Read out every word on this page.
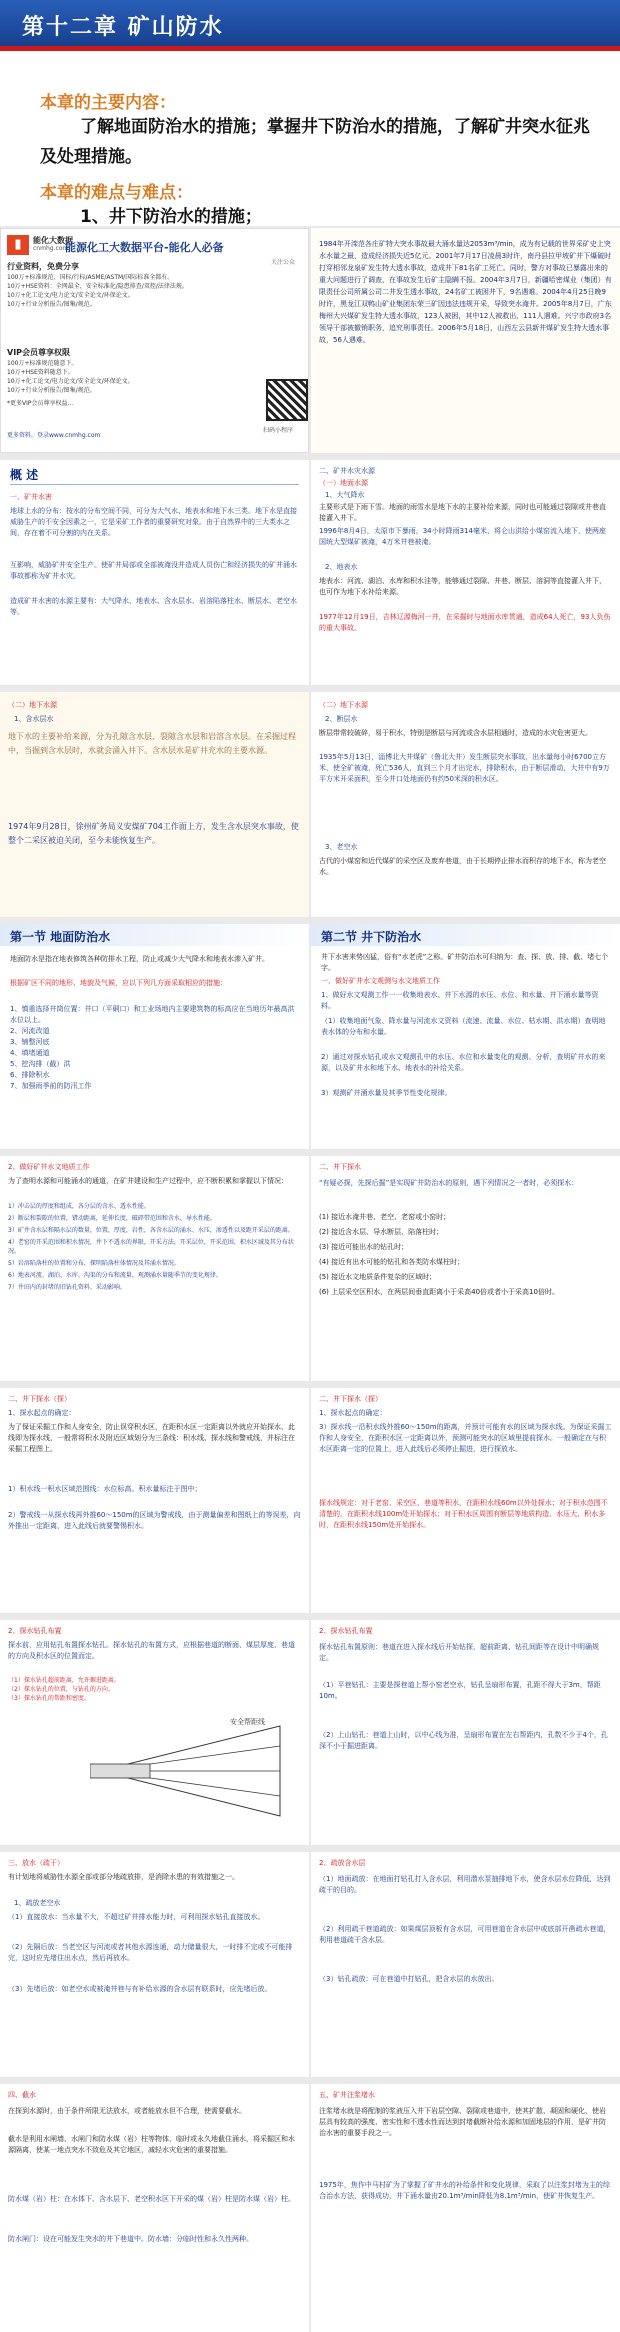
第十二章 矿山防水
本章的主要内容：
了解地面防治水的措施；掌握井下防治水的措施，了解矿井突水征兆及处理措施。
本章的难点与难点：
1、井下防治水的措施；
▮	能化大数据
cnmhg.com
能源化工大数据平台-能化人必备
关注公众
行业资料，免费分享
100万+标准规范、国标/行标/ASME/ASTM/国际标准全都有。
10万+HSE资料：全网最全，安全标准化/隐患排查/双控/法律法规。
10万+化工论文/电力论文/安全论文/环保论文。
10万+行业分析报告/图集/规范。
VIP会员尊享权限
100万+标准规范随意下。
10万+HSE资料随意下。
10万+化工论文/电力论文/安全论文/环保论文。
10万+行业分析报告/图集/规范。
*更多VIP会员尊享权益...
更多资料，登录www.cnmhg.com
扫码小程序
1984年开滦范各庄矿特大突水事故最大涌水量达2053m³/min，成为有记载的世界采矿史上突水水量之最，造成经济损失近5亿元。2001年7月17日凌晨3时许，南丹县拉甲坡矿井下爆破时打穿相邻龙泉矿发生特大透水事故，造成井下81名矿工死亡。同时，警方对事故已暴露出来的重大问题进行了调查，在事故发生后矿主隐瞒不报。2004年3月7日，新疆哈密煤业（集团）有限责任公司所属公司二井发生透水事故，24名矿工被困井下，9名遇难。2004年4月25日晚9时许，黑龙江双鸭山矿业集团东荣三矿因违法违规开采，导致突水淹井。2005年8月7日，广东梅州大兴煤矿发生特大透水事故，123人被困，其中12人被救出，111人遇难。兴宁市政府3名领导干部被撤销职务，追究刑事责任。2006年5月18日，山西左云县新井煤矿发生特大透水事故，56人遇难。
概 述
一、矿井水害
地球上水的分布：按水的分布空间不同，可分为大气水、地表水和地下水三类。地下水是直接威胁生产的不安全因素之一，它是采矿工作者的重要研究对象。由于自然界中的三大类水之间，存在着不可分割的内在关系。
互影响，威胁矿井安全生产。使矿井局部或全部被淹没并造成人员伤亡和经济损失的矿井涌水事故都称为矿井水灾。
造成矿井水害的水源主要有：大气降水、地表水、含水层水、岩溶陷落柱水、断层水、老空水等。
二、矿井水灾水源
（一）地面水源
1、大气降水
主要形式是下雨下雪。地面的雨雪水是地下水的主要补给来源，同时也可能通过裂隙或井巷直接灌入井下。
1996年8月4日，太原市下暴雨，34小时降雨314毫米，将仑山洪给小煤窑流入地下，使两座国统大型煤矿被淹，4万米井巷被淹。
2、地表水
地表水：河流、湖泊、水库和积水洼等，能够通过裂隙、井巷、断层、溶洞等直接灌入井下，也可作为地下水补给来源。
1977年12月19日，吉林辽源梅河一井，在采掘时与地面水库贯通，造成64人死亡，93人负伤的重大事故。
（二）地下水源
1、含水层水
地下水的主要补给来源，分为孔隙含水层、裂隙含水层和岩溶含水层。在采掘过程中，当掘到含水层时，水就会涌入井下。含水层水是矿井充水的主要水源。
1974年9月28日，徐州矿务局义安煤矿704工作面上方，发生含水层突水事故，使整个二采区被迫关闭，至今未能恢复生产。
（二）地下水源
2、断层水
断层带常较破碎，易于积水，特别是断层与河流或含水层相通时，造成的水灾危害更大。
1935年5月13日，淄博北大井煤矿（鲁北大井）发生断层突水事故，出水量每小时6700立方米，使全矿被淹，死亡536人，直到三个月才出完水，排除积水，由于断层滑动，大井中有9万平方米开采面积，至今井口处地面仍有约50米深的积水区。
3、老空水
古代的小煤窑和近代煤矿的采空区及废弃巷道，由于长期停止排水而积存的地下水，称为老空水。
第一节 地面防治水
地面防水是指在地表修筑各种防排水工程，防止或减少大气降水和地表水渗入矿井。
根据矿区不同的地形、地貌及气候，应以下列几方面采取相应的措施：
1、慎重选择井筒位置：井口（平硐口）和工业场地内主要建筑物的标高应在当地历年最高洪水位以上。
2、河流改道
3、铺整河底
4、填堵通道
5、挖沟排（截）洪
6、排除积水
7、加强雨季前的防汛工作
第二节 井下防治水
井下水害来势凶猛，俗有“水老虎”之称。矿井防治水可归纳为：查、探、放、排、截、堵七个字。
一、做好矿井水文观测与水文地质工作
1、做好水文观测工作一一收集地表水、井下水源的水压、水位、和水量、井下涌水量等资料。
（1）收集地面气象、降水量与河流水文资料（流速、流量、水位、枯水期、洪水期）查明地表水体的分布和水量。
2）通过对探水钻孔或水文观测孔中的水压、水位和水量变化的观测、分析，查明矿井水的来源，以及矿井水和地下水、地表水的补给关系。
3）观测矿井涌水量及其季节性变化规律。
2、做好矿井水文地质工作
为了查明水源和可能涌水的通道，在矿井建设和生产过程中，应不断积累和掌握以下情况：
1）冲击层的厚度和组成，各分层的含水、透水性能。
2）断层和裂隙的位置，错动距离，延伸长度，破碎带范围和含水、导水性能。
3）矿井含水层和隔水层的数量，位置，厚度，岩性，各含水层的涌水、水压，渗透性以及距开采层的距离。
4）老窑的开采范围和积水情况，井下不透水的界限，开采方法，开采层位，开采范围，积水区域及其分布状况。
5）岩溶陷落柱的位置和分布，探明陷落柱体情况及其涌水情况。
6）地表河流、湖泊、水库、沟渠的分布和流量，观测涌水量随季节的变化规律。
7）井田内的封堵的旧钻孔资料、采动影响。
二、井下探水
“有疑必探，先探后掘”是实现矿井防治水的原则，遇下列情况之一者时，必须探水：
(1) 接近水淹井巷、老空、老窑或小窑时；
(2) 接近含水层、导水断层、陷落柱时；
(3) 接近可能出水的钻孔时；
(4) 接近有出水可能的钻孔和各类防水煤柱时；
(5) 接近水文地质条件复杂的区域时；
(6) 上层采空区积水，在两层间垂直距离小于采高40倍或者小于采高10倍时。
二、井下探水（探）
1、探水起点的确定：
为了保证采掘工作和人身安全，防止误穿积水区，在距积水区一定距离以外就应开始探水，此线即为探水线，一般常将积水及附近区域划分为三条线：积水线、探水线和警戒线，并标注在采掘工程图上。
1）积水线一积水区域范围线：水位标高。积水量标注于图中；
2）警戒线一从探水线再外推60～150m的区域为警戒线，由于测量偏差和图纸上的等误差，向外推出一定距离，进入此线后就要警惕积水。
二、井下探水（探）
1、探水起点的确定：
3）探水线一沿积水线外推60～150m的距离，并预计可能有水的区域为探水线。为保证采掘工作和人身安全，在距积水区一定距离以外，预测可能突水的区域里提前探水。一般确定在与积水区距离一定的位置上，进入此线后必须停止掘进，进行探放水。
探水线规定：对于老窑、采空区、巷道等积水，在距积水线60m以外处探水；对于积水范围不清楚的，在距积水线100m处开始探水；对于积水区周围有断层等地质构造、水压大、积水多时，在距积水线150m处开始探水。
2、探水钻孔布置
探水前，应用钻孔布置探水钻孔。探水钻孔的布置方式，应根据巷道的断面、煤层厚度、巷道的方向及积水区的位置而定。
（1）探水钻孔超前距离，允许掘进距离。
（2）探水钻孔的位置，与钻孔的方向。
（3）探水钻孔的帮距和密度。
安全帮距线
2、探水钻孔布置
探水钻孔布置原则：巷道在进入探水线后开始钻探，超前距离、钻孔间距等在设计中明确规定。
（1）平巷钻孔：主要是探巷道上帮小窑老空水，钻孔呈扇形布置，孔距不得大于3m，帮距10m。
（2）上山钻孔：巷道上山时，以中心线为准，呈扇形布置在左右帮距内，孔数不少于4个，孔深不小于掘进距离。
三、放水（疏干）
有计划地将威胁性水源全部或部分地疏放排，是消除水患的有效措施之一。
1、疏放老空水
（1）直接放水：当水量不大，不超过矿井排水能力时，可利用探水钻孔直接放水。
（2）先隔后放：当老空区与河流或者其他水源连通，动力储量很大，一时排不完或不可能排完，这时应先堵住出水点，然后再放水。
（3）先堵后放：如老空水或被淹井巷与有补给水源的含水层有联系时，应先堵后放。
2、疏放含水层
（1）地面疏放：在地面打钻孔打入含水层，利用潜水泵抽排地下水，使含水层水位降低，达到疏干的目的。
（2）利用疏干巷道疏放：如果煤层顶板有含水层，可用巷道在含水层中或底部开凿疏水巷道，利用巷道疏干含水层。
（3）钻孔疏放：可在巷道中打钻孔，把含水层的水放出。
四、截水
在探到水源时，由于条件所限无法放水，或者能放水但不合理，使需要截水。
截水是利用水闸墙、水闸门和防水煤（岩）柱等物体，临时或永久地截住涌水，将采掘区和水源隔离，使某一地点突水不致危及其它地区，减轻水灾危害的重要措施。
防水煤（岩）柱：在水体下、含水层下、老空积水区下开采的煤（岩）柱是防水煤（岩）柱。
防水闸门：设在可能发生突水的井下巷道中。防水墙：分临时性和永久性两种。
五、矿井注浆堵水
注浆堵水就是将配制的浆液压入井下岩层空隙、裂隙或巷道中，使其扩散、凝固和硬化，使岩层具有较高的强度、密实性和不透水性而达到封堵截断补给水源和加固地层的作用，是矿井防治水害的重要手段之一。
1975年，焦作中马村矿为了掌握了矿井水的补给条件和变化规律，采取了以注浆封堵为主的综合治水方法，获得成功，井下涌水量由20.1m³/min降低为8.1m³/min，使矿井恢复生产。
